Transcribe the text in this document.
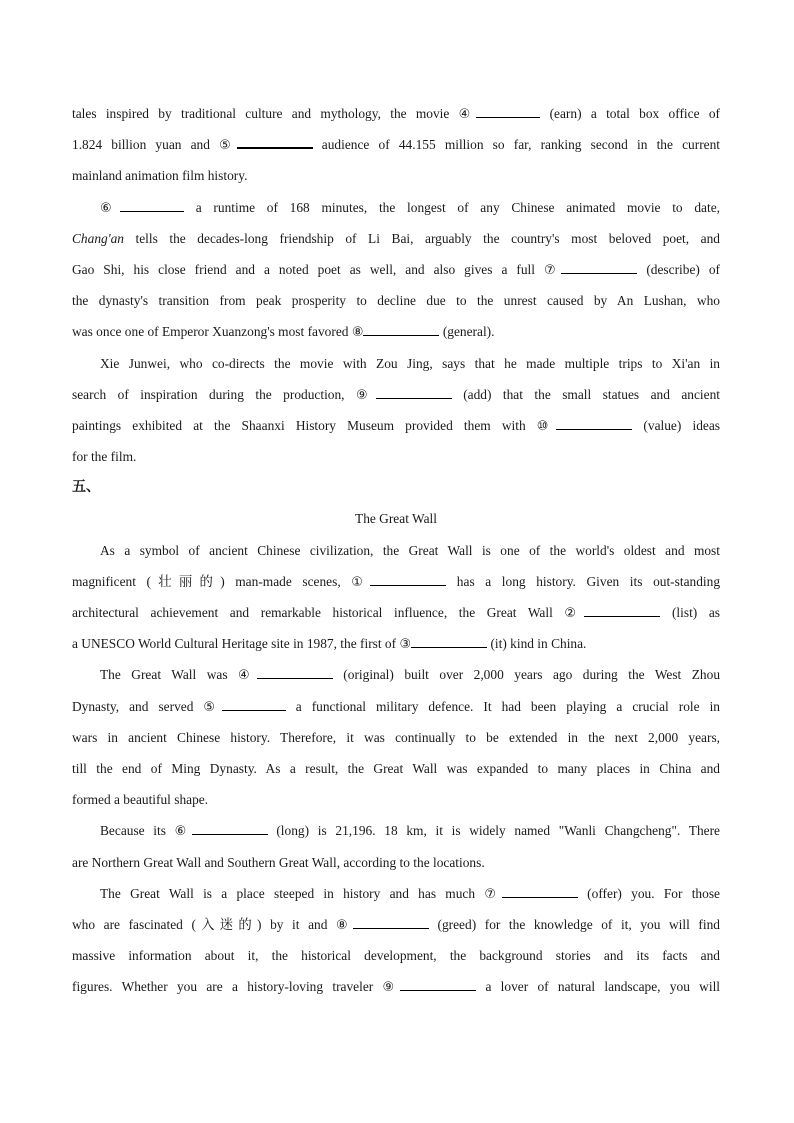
tales inspired by traditional culture and mythology, the movie ④	(earn) a total box office of
1.824 billion yuan and ⑤	audience of 44.155 million so far, ranking second in the current
mainland animation film history.
⑥	a runtime of 168 minutes, the longest of any Chinese animated movie to date,
Chang'an tells the decades-long friendship of Li Bai, arguably the country's most beloved poet, and
Gao Shi, his close friend and a noted poet as well, and also gives a full ⑦	(describe) of
the dynasty's transition from peak prosperity to decline due to the unrest caused by An Lushan, who
was once one of Emperor Xuanzong's most favored ⑧	(general).
Xie Junwei, who co-directs the movie with Zou Jing, says that he made multiple trips to Xi'an in
search of inspiration during the production, ⑨	(add) that the small statues and ancient
paintings exhibited at the Shaanxi History Museum provided them with ⑩	(value) ideas
for the film.
五、
The Great Wall
As a symbol of ancient Chinese civilization, the Great Wall is one of the world's oldest and most
magnificent (壮丽的) man-made scenes, ①	has a long history. Given its out-standing
architectural achievement and remarkable historical influence, the Great Wall ②	(list) as
a UNESCO World Cultural Heritage site in 1987, the first of ③	(it) kind in China.
The Great Wall was ④	(original) built over 2,000 years ago during the West Zhou
Dynasty, and served ⑤	a functional military defence. It had been playing a crucial role in
wars in ancient Chinese history. Therefore, it was continually to be extended in the next 2,000 years,
till the end of Ming Dynasty. As a result, the Great Wall was expanded to many places in China and
formed a beautiful shape.
Because its ⑥	(long) is 21,196. 18 km, it is widely named "Wanli Changcheng". There
are Northern Great Wall and Southern Great Wall, according to the locations.
The Great Wall is a place steeped in history and has much ⑦	(offer) you. For those
who are fascinated (入迷的) by it and ⑧	(greed) for the knowledge of it, you will find
massive information about it, the historical development, the background stories and its facts and
figures. Whether you are a history-loving traveler ⑨	a lover of natural landscape, you will
